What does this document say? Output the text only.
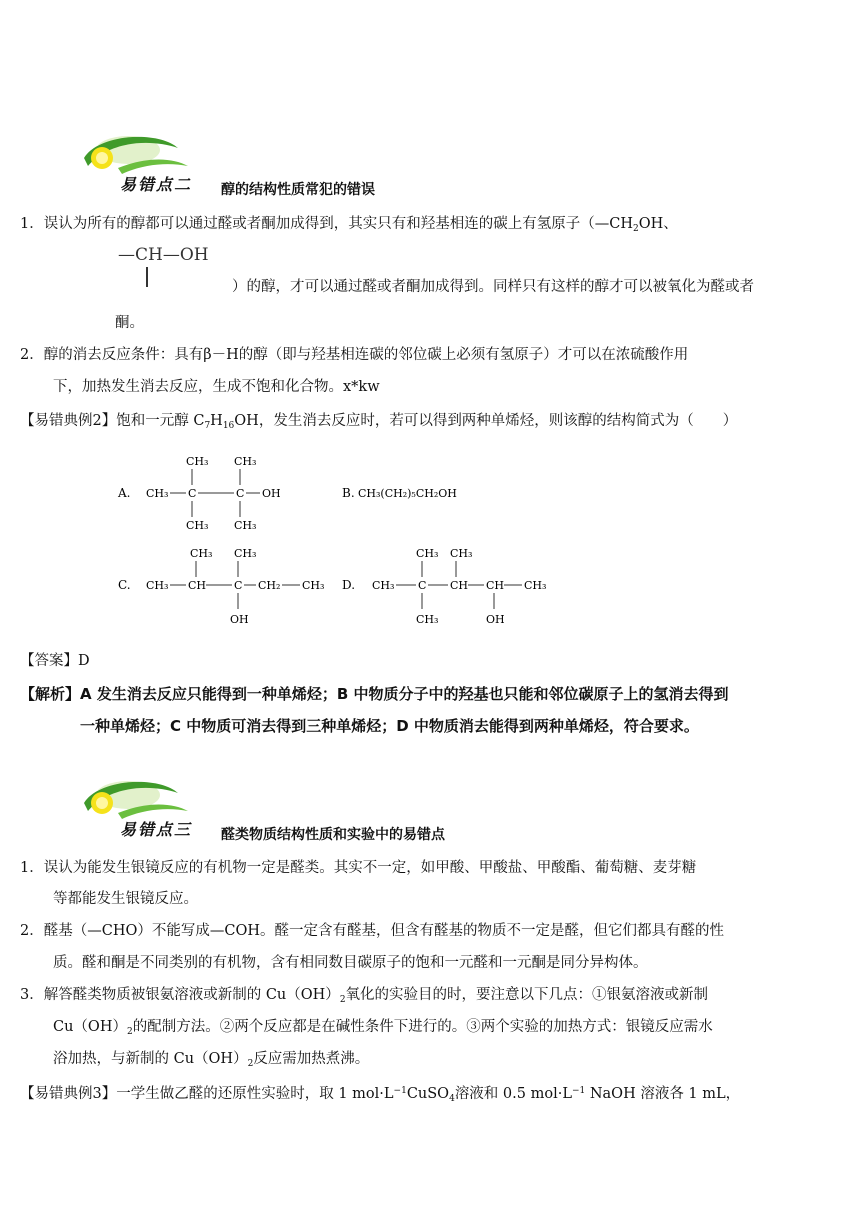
易错点二 醇的结构性质常犯的错误
1．误认为所有的醇都可以通过醛或者酮加成得到，其实只有和羟基相连的碳上有氢原子（$—CH_2OH$、
—CH—OH
）的醇，才可以通过醛或者酮加成得到。同样只有这样的醇才可以被氧化为醛或者
酮。
2．醇的消去反应条件：具有β－H的醇（即与羟基相连碳的邻位碳上必须有氢原子）才可以在浓硫酸作用
下，加热发生消去反应，生成不饱和化合物。x*kw
【易错典例2】饱和一元醇 $C_7H_{16}OH$，发生消去反应时，若可以得到两种单烯烃，则该醇的结构简式为（　　）
A. CH₃ C	C OH
CH₃ CH₃
CH₃ CH₃
B. CH₃(CH₂)₅CH₂OH
C. CH₃ CH	C CH₂ CH₃
CH₃ CH₃
OH
D. CH₃ C CH CH CH₃
CH₃ CH₃
CH₃	OH
【答案】D
【解析】A 发生消去反应只能得到一种单烯烃；B 中物质分子中的羟基也只能和邻位碳原子上的氢消去得到
一种单烯烃；C 中物质可消去得到三种单烯烃；D 中物质消去能得到两种单烯烃，符合要求。
易错点三 醛类物质结构性质和实验中的易错点
1．误认为能发生银镜反应的有机物一定是醛类。其实不一定，如甲酸、甲酸盐、甲酸酯、葡萄糖、麦芽糖
等都能发生银镜反应。
2．醛基（—CHO）不能写成—COH。醛一定含有醛基，但含有醛基的物质不一定是醛，但它们都具有醛的性
质。醛和酮是不同类别的有机物，含有相同数目碳原子的饱和一元醛和一元酮是同分异构体。
3．解答醛类物质被银氨溶液或新制的 $Cu(OH)_2$氧化的实验目的时，要注意以下几点：①银氨溶液或新制
$Cu(OH)_2$的配制方法。②两个反应都是在碱性条件下进行的。③两个实验的加热方式：银镜反应需水
浴加热，与新制的 $Cu(OH)_2$反应需加热煮沸。
【易错典例3】一学生做乙醛的还原性实验时，取 1 $mol\cdot L^{-1}CuSO_4$溶液和 0.5 $mol\cdot L^{-1}$ NaOH 溶液各 1 mL，
